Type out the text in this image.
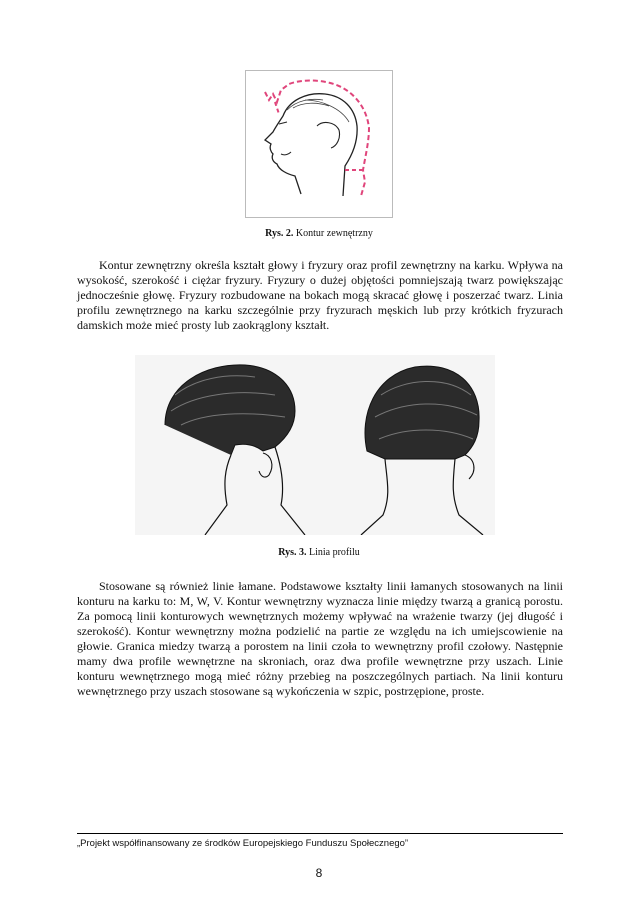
Rys. 2. Kontur zewnętrzny

Kontur zewnętrzny określa kształt głowy i fryzury oraz profil zewnętrzny na karku. Wpływa na wysokość, szerokość i ciężar fryzury. Fryzury o dużej objętości pomniejszają twarz powiększając jednocześnie głowę. Fryzury rozbudowane na bokach mogą skracać głowę i poszerzać twarz. Linia profilu zewnętrznego na karku szczególnie przy fryzurach męskich lub przy krótkich fryzurach damskich może mieć prosty lub zaokrąglony kształt.

Rys. 3. Linia profilu

Stosowane są również linie łamane. Podstawowe kształty linii łamanych stosowanych na linii konturu na karku to: M, W, V. Kontur wewnętrzny wyznacza linie między twarzą a granicą porostu. Za pomocą linii konturowych wewnętrznych możemy wpływać na wrażenie twarzy (jej długość i szerokość). Kontur wewnętrzny można podzielić na partie ze względu na ich umiejscowienie na głowie. Granica miedzy twarzą a porostem na linii czoła to wewnętrzny profil czołowy. Następnie mamy dwa profile wewnętrzne na skroniach, oraz dwa profile wewnętrzne przy uszach. Linie konturu wewnętrznego mogą mieć różny przebieg na poszczególnych partiach. Na linii konturu wewnętrznego przy uszach stosowane są wykończenia w szpic, postrzępione, proste.

„Projekt współfinansowany ze środków Europejskiego Funduszu Społecznego”
8
